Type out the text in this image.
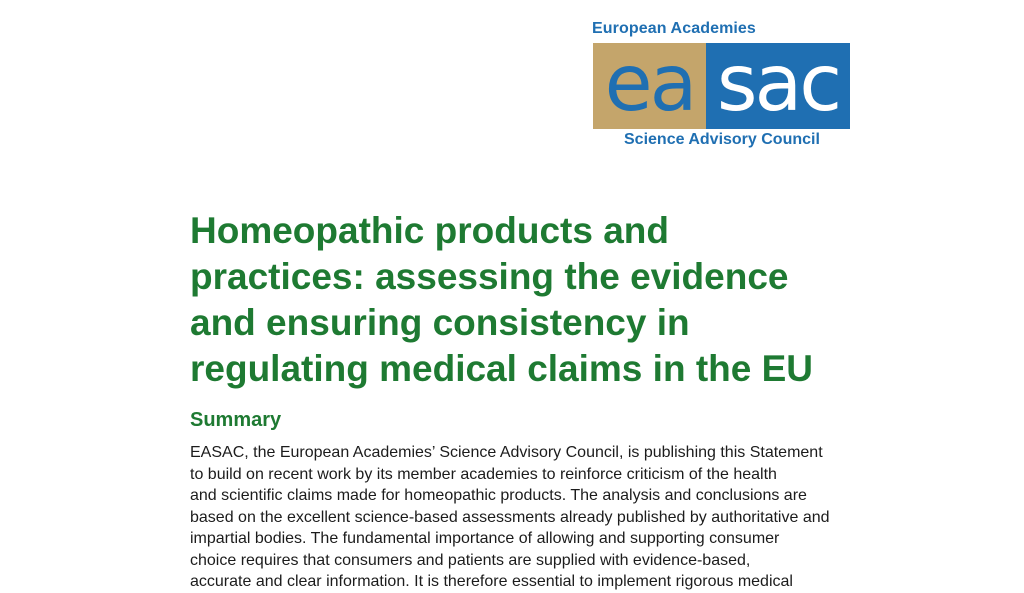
European Academies
ea sac
Science Advisory Council
Homeopathic products and
practices: assessing the evidence
and ensuring consistency in
regulating medical claims in the EU
Summary

EASAC, the European Academies’ Science Advisory Council, is publishing this Statement
to build on recent work by its member academies to reinforce criticism of the health
and scientific claims made for homeopathic products. The analysis and conclusions are
based on the excellent science-based assessments already published by authoritative and
impartial bodies. The fundamental importance of allowing and supporting consumer
choice requires that consumers and patients are supplied with evidence-based,
accurate and clear information. It is therefore essential to implement rigorous medical
